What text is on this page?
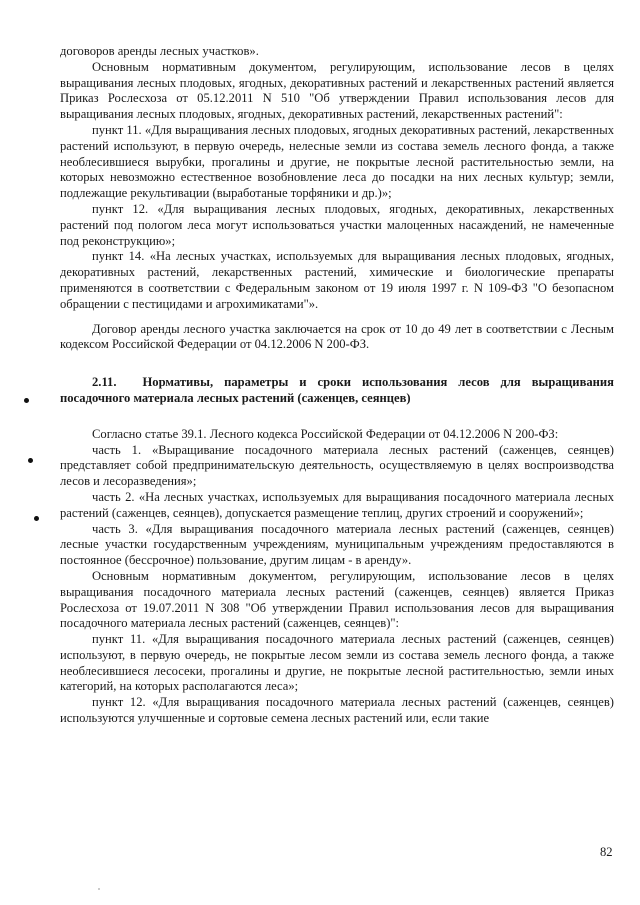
договоров аренды лесных участков».

Основным нормативным документом, регулирующим, использование лесов в целях выращивания лесных плодовых, ягодных, декоративных растений и лекарственных растений является Приказ Рослесхоза от 05.12.2011 N 510 "Об утверждении Правил использования лесов для выращивания лесных плодовых, ягодных, декоративных растений, лекарственных растений":

пункт 11. «Для выращивания лесных плодовых, ягодных декоративных растений, лекарственных растений используют, в первую очередь, нелесные земли из состава земель лесного фонда, а также необлесившиеся вырубки, прогалины и другие, не покрытые лесной растительностью земли, на которых невозможно естественное возобновление леса до посадки на них лесных культур; земли, подлежащие рекультивации (выработаные торфяники и др.)»;

пункт 12. «Для выращивания лесных плодовых, ягодных, декоративных, лекарственных растений под пологом леса могут использоваться участки малоценных насаждений, не намеченные под реконструкцию»;

пункт 14. «На лесных участках, используемых для выращивания лесных плодовых, ягодных, декоративных растений, лекарственных растений, химические и биологические препараты применяются в соответствии с Федеральным законом от 19 июля 1997 г. N 109-ФЗ "О безопасном обращении с пестицидами и агрохимикатами"».

Договор аренды лесного участка заключается на срок от 10 до 49 лет в соответствии с Лесным кодексом Российской Федерации от 04.12.2006 N 200-ФЗ.

2.11. Нормативы, параметры и сроки использования лесов для выращивания посадочного материала лесных растений (саженцев, сеянцев)

Согласно статье 39.1. Лесного кодекса Российской Федерации от 04.12.2006 N 200-ФЗ:

часть 1. «Выращивание посадочного материала лесных растений (саженцев, сеянцев) представляет собой предпринимательскую деятельность, осуществляемую в целях воспроизводства лесов и лесоразведения»;

часть 2. «На лесных участках, используемых для выращивания посадочного материала лесных растений (саженцев, сеянцев), допускается размещение теплиц, других строений и сооружений»;

часть 3. «Для выращивания посадочного материала лесных растений (саженцев, сеянцев) лесные участки государственным учреждениям, муниципальным учреждениям предоставляются в постоянное (бессрочное) пользование, другим лицам - в аренду».

Основным нормативным документом, регулирующим, использование лесов в целях выращивания посадочного материала лесных растений (саженцев, сеянцев) является Приказ Рослесхоза от 19.07.2011 N 308 "Об утверждении Правил использования лесов для выращивания посадочного материала лесных растений (саженцев, сеянцев)":

пункт 11. «Для выращивания посадочного материала лесных растений (саженцев, сеянцев) используют, в первую очередь, не покрытые лесом земли из состава земель лесного фонда, а также необлесившиеся лесосеки, прогалины и другие, не покрытые лесной растительностью, земли иных категорий, на которых располагаются леса»;

пункт 12. «Для выращивания посадочного материала лесных растений (саженцев, сеянцев) используются улучшенные и сортовые семена лесных растений или, если такие

82
